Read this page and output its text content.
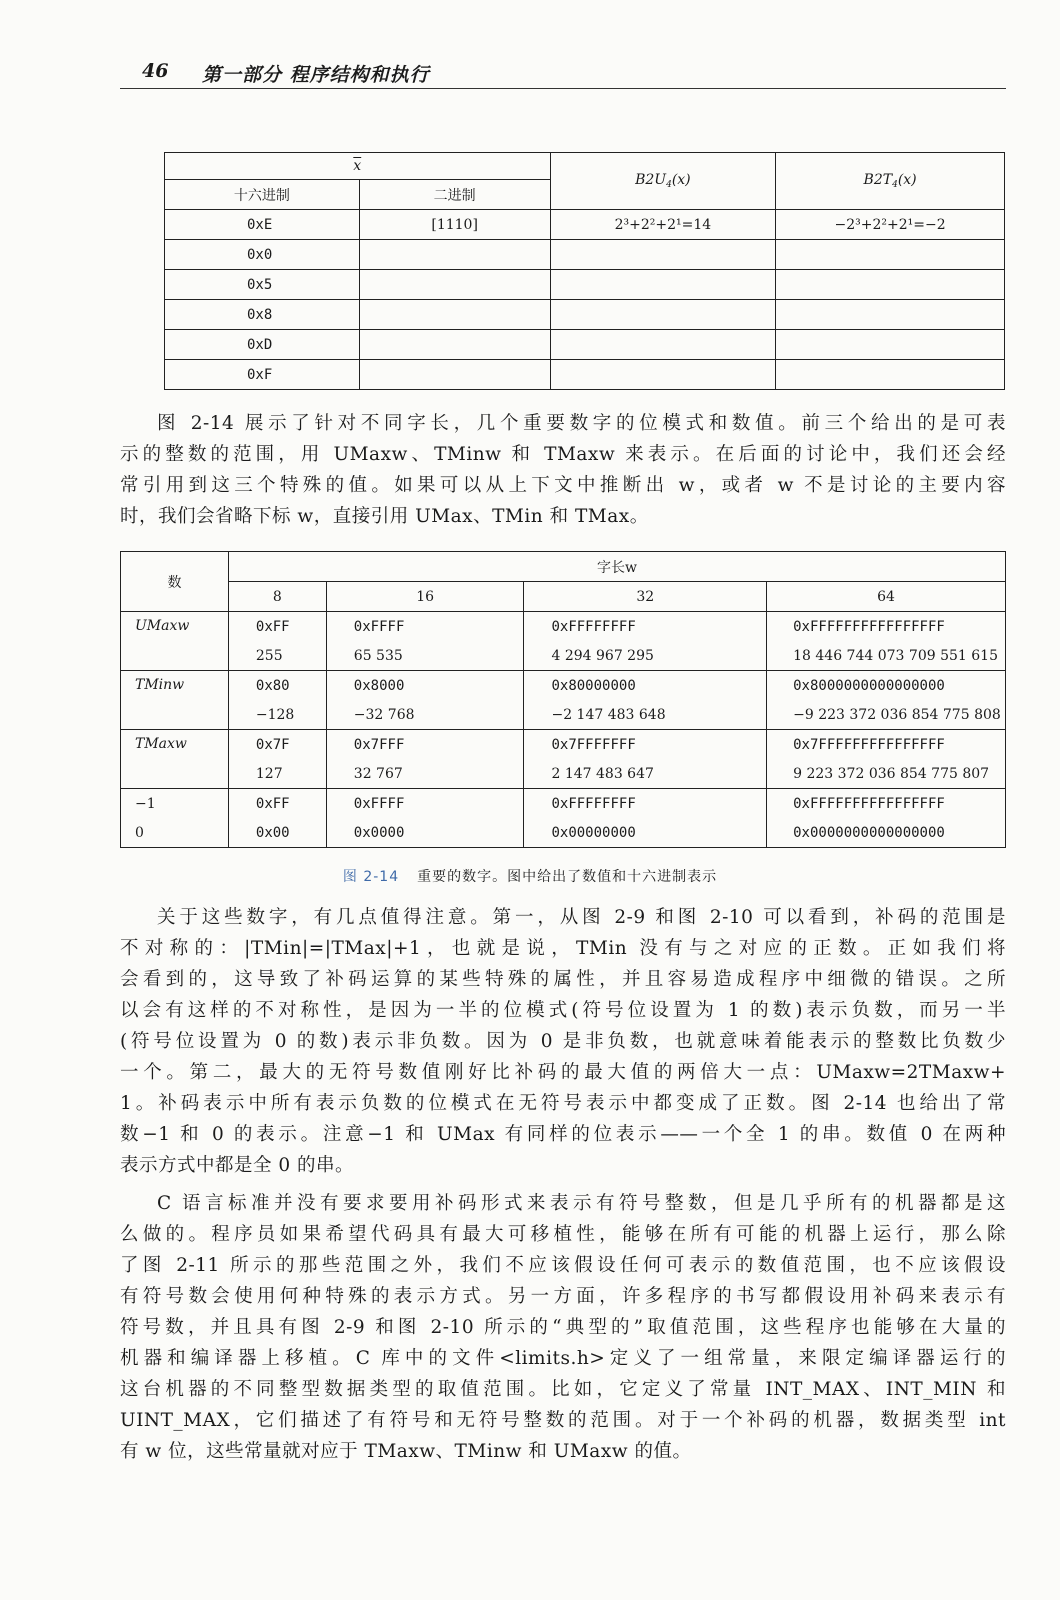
46 第一部分 程序结构和执行
$\overline{x}$		$B2U_4(x)$	$B2T_4(x)$
十六进制	二进制		
0xE	[1110]	2³+2²+2¹=14	−2³+2²+2¹=−2
0x0			
0x5			
0x8			
0xD			
0xF			
图 2-14 展示了针对不同字长，几个重要数字的位模式和数值。前三个给出的是可表
示的整数的范围，用 UMaxw、TMinw 和 TMaxw 来表示。在后面的讨论中，我们还会经
常引用到这三个特殊的值。如果可以从上下文中推断出 w，或者 w 不是讨论的主要内容
时，我们会省略下标 w，直接引用 UMax、TMin 和 TMax。
数	字长w			
	8	16	32	64
UMaxw	0xFF	0xFFFF	0xFFFFFFFF	0xFFFFFFFFFFFFFFFF
	255	65 535	4 294 967 295	18 446 744 073 709 551 615
TMinw	0x80	0x8000	0x80000000	0x8000000000000000
	−128	−32 768	−2 147 483 648	−9 223 372 036 854 775 808
TMaxw	0x7F	0x7FFF	0x7FFFFFFF	0x7FFFFFFFFFFFFFFF
	127	32 767	2 147 483 647	9 223 372 036 854 775 807
−1	0xFF	0xFFFF	0xFFFFFFFF	0xFFFFFFFFFFFFFFFF
0	0x00	0x0000	0x00000000	0x0000000000000000
图 2-14 重要的数字。图中给出了数值和十六进制表示
关于这些数字，有几点值得注意。第一，从图 2-9 和图 2-10 可以看到，补码的范围是
不对称的：|TMin|=|TMax|+1，也就是说，TMin 没有与之对应的正数。正如我们将
会看到的，这导致了补码运算的某些特殊的属性，并且容易造成程序中细微的错误。之所
以会有这样的不对称性，是因为一半的位模式(符号位设置为 1 的数)表示负数，而另一半
(符号位设置为 0 的数)表示非负数。因为 0 是非负数，也就意味着能表示的整数比负数少
一个。第二，最大的无符号数值刚好比补码的最大值的两倍大一点：UMaxw=2TMaxw+
1。补码表示中所有表示负数的位模式在无符号表示中都变成了正数。图 2-14 也给出了常
数−1 和 0 的表示。注意−1 和 UMax 有同样的位表示——一个全 1 的串。数值 0 在两种
表示方式中都是全 0 的串。
C 语言标准并没有要求要用补码形式来表示有符号整数，但是几乎所有的机器都是这
么做的。程序员如果希望代码具有最大可移植性，能够在所有可能的机器上运行，那么除
了图 2-11 所示的那些范围之外，我们不应该假设任何可表示的数值范围，也不应该假设
有符号数会使用何种特殊的表示方式。另一方面，许多程序的书写都假设用补码来表示有
符号数，并且具有图 2-9 和图 2-10 所示的“典型的”取值范围，这些程序也能够在大量的
机器和编译器上移植。C 库中的文件<limits.h>定义了一组常量，来限定编译器运行的
这台机器的不同整型数据类型的取值范围。比如，它定义了常量 INT_MAX、INT_MIN 和
UINT_MAX，它们描述了有符号和无符号整数的范围。对于一个补码的机器，数据类型 int
有 w 位，这些常量就对应于 TMaxw、TMinw 和 UMaxw 的值。
